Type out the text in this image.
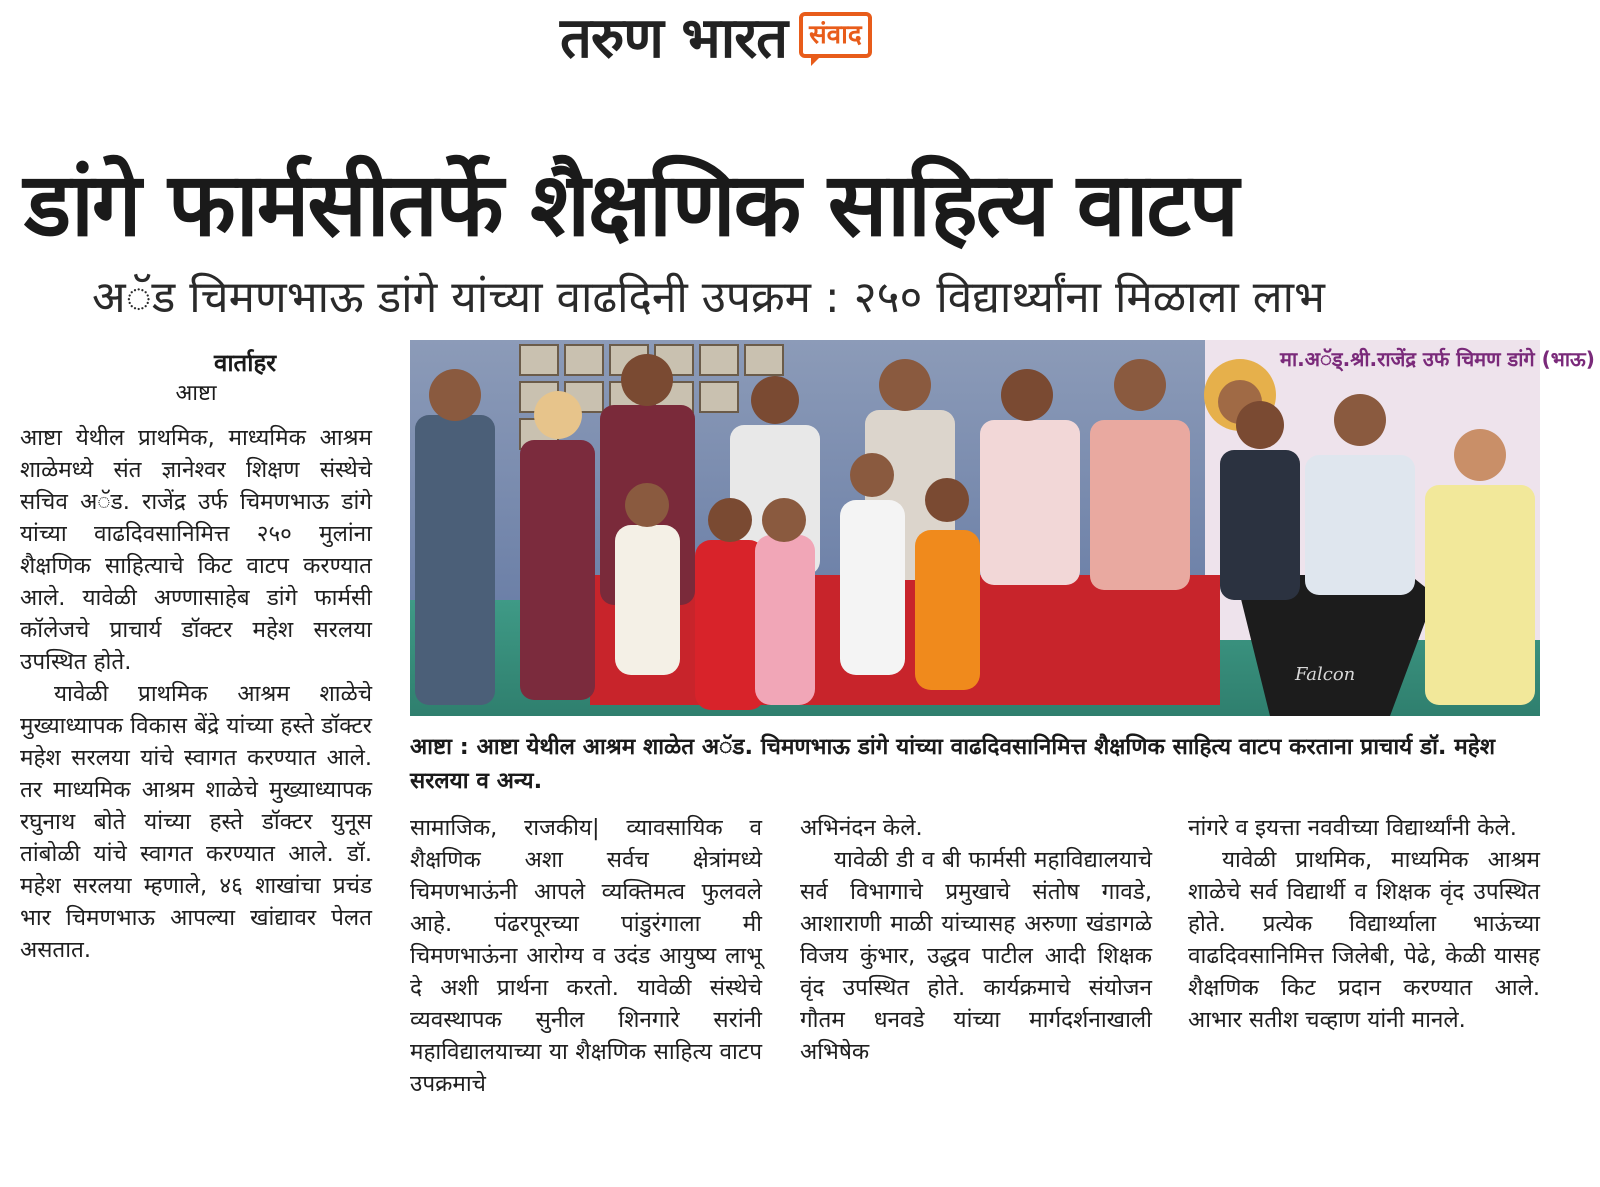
तरुण भारत संवाद
डांगे फार्मसीतर्फे शैक्षणिक साहित्य वाटप
अॅड चिमणभाऊ डांगे यांच्या वाढदिनी उपक्रम : २५० विद्यार्थ्यांना मिळाला लाभ
वार्ताहर
आष्टा

आष्टा येथील प्राथमिक, माध्यमिक आश्रम शाळेमध्ये संत ज्ञानेश्वर शिक्षण संस्थेचे सचिव अॅड. राजेंद्र उर्फ चिमणभाऊ डांगे यांच्या वाढदिवसानिमित्त २५० मुलांना शैक्षणिक साहित्याचे किट वाटप करण्यात आले. यावेळी अण्णासाहेब डांगे फार्मसी कॉलेजचे प्राचार्य डॉक्टर महेश सरलया उपस्थित होते.

यावेळी प्राथमिक आश्रम शाळेचे मुख्याध्यापक विकास बेंद्रे यांच्या हस्ते डॉक्टर महेश सरलया यांचे स्वागत करण्यात आले. तर माध्यमिक आश्रम शाळेचे मुख्याध्यापक रघुनाथ बोते यांच्या हस्ते डॉक्टर युनूस तांबोळी यांचे स्वागत करण्यात आले. डॉ. महेश सरलया म्हणाले, ४६ शाखांचा प्रचंड भार चिमणभाऊ आपल्या खांद्यावर पेलत असतात.

मा.अॅड्.श्री.राजेंद्र उर्फ चिमण डांगे (भाऊ)
Falcon
आष्टा : आष्टा येथील आश्रम शाळेत अॅड. चिमणभाऊ डांगे यांच्या वाढदिवसानिमित्त शैक्षणिक साहित्य वाटप करताना प्राचार्य डॉ. महेश सरलया व अन्य.

सामाजिक, राजकीय| व्यावसायिक व शैक्षणिक अशा सर्वच क्षेत्रांमध्ये चिमणभाऊंनी आपले व्यक्तिमत्व फुलवले आहे. पंढरपूरच्या पांडुरंगाला मी चिमणभाऊंना आरोग्य व उदंड आयुष्य लाभू दे अशी प्रार्थना करतो. यावेळी संस्थेचे व्यवस्थापक सुनील शिनगारे सरांनी महाविद्यालयाच्या या शैक्षणिक साहित्य वाटप उपक्रमाचे

अभिनंदन केले.

यावेळी डी व बी फार्मसी महाविद्यालयाचे सर्व विभागाचे प्रमुखाचे संतोष गावडे, आशाराणी माळी यांच्यासह अरुणा खंडागळे विजय कुंभार, उद्धव पाटील आदी शिक्षक वृंद उपस्थित होते. कार्यक्रमाचे संयोजन गौतम धनवडे यांच्या मार्गदर्शनाखाली अभिषेक

नांगरे व इयत्ता नववीच्या विद्यार्थ्यांनी केले.

यावेळी प्राथमिक, माध्यमिक आश्रम शाळेचे सर्व विद्यार्थी व शिक्षक वृंद उपस्थित होते. प्रत्येक विद्यार्थ्याला भाऊंच्या वाढदिवसानिमित्त जिलेबी, पेढे, केळी यासह शैक्षणिक किट प्रदान करण्यात आले. आभार सतीश चव्हाण यांनी मानले.
